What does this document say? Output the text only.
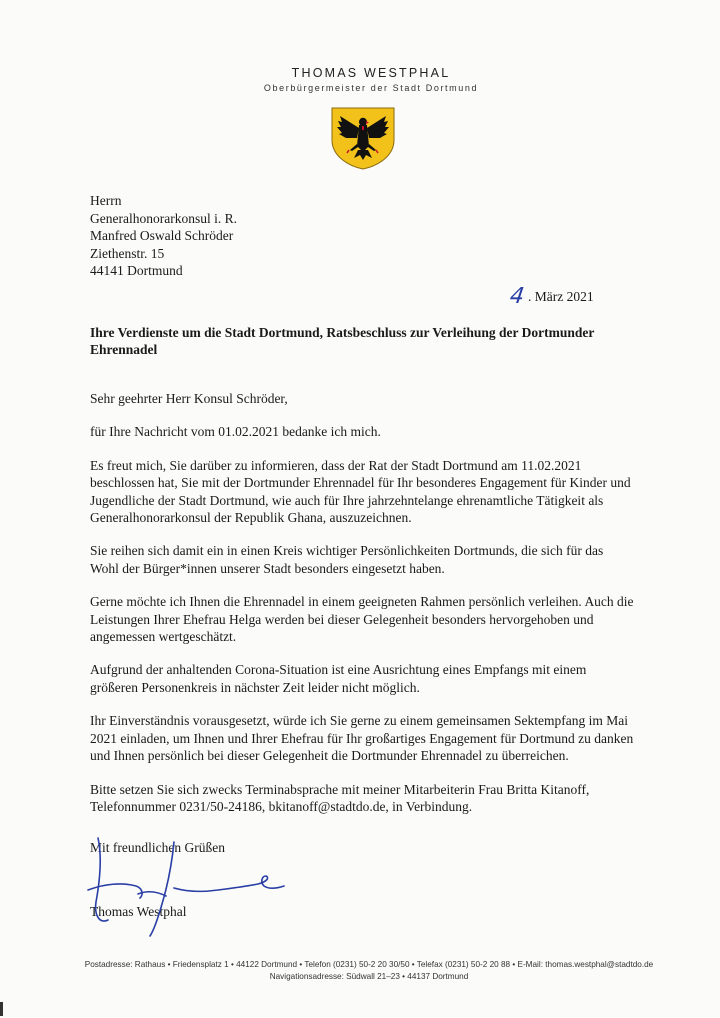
THOMAS WESTPHAL
Oberbürgermeister der Stadt Dortmund
Herrn
Generalhonorarkonsul i. R.
Manfred Oswald Schröder
Ziethenstr. 15
44141 Dortmund
4 . März 2021
Ihre Verdienste um die Stadt Dortmund, Ratsbeschluss zur Verleihung der Dortmunder Ehrennadel

Sehr geehrter Herr Konsul Schröder,

für Ihre Nachricht vom 01.02.2021 bedanke ich mich.

Es freut mich, Sie darüber zu informieren, dass der Rat der Stadt Dortmund am 11.02.2021 beschlossen hat, Sie mit der Dortmunder Ehrennadel für Ihr besonderes Engagement für Kinder und Jugendliche der Stadt Dortmund, wie auch für Ihre jahrzehntelange ehrenamtliche Tätigkeit als Generalhonorarkonsul der Republik Ghana, auszuzeichnen.

Sie reihen sich damit ein in einen Kreis wichtiger Persönlichkeiten Dortmunds, die sich für das Wohl der Bürger*innen unserer Stadt besonders eingesetzt haben.

Gerne möchte ich Ihnen die Ehrennadel in einem geeigneten Rahmen persönlich verleihen. Auch die Leistungen Ihrer Ehefrau Helga werden bei dieser Gelegenheit besonders hervorgehoben und angemessen wertgeschätzt.

Aufgrund der anhaltenden Corona-Situation ist eine Ausrichtung eines Empfangs mit einem größeren Personenkreis in nächster Zeit leider nicht möglich.

Ihr Einverständnis vorausgesetzt, würde ich Sie gerne zu einem gemeinsamen Sektempfang im Mai 2021 einladen, um Ihnen und Ihrer Ehefrau für Ihr großartiges Engagement für Dortmund zu danken und Ihnen persönlich bei dieser Gelegenheit die Dortmunder Ehrennadel zu überreichen.

Bitte setzen Sie sich zwecks Terminabsprache mit meiner Mitarbeiterin Frau Britta Kitanoff, Telefonnummer 0231/50-24186, bkitanoff@stadtdo.de, in Verbindung.

Mit freundlichen Grüßen
Thomas Westphal
Postadresse: Rathaus • Friedensplatz 1 • 44122 Dortmund • Telefon (0231) 50-2 20 30/50 • Telefax (0231) 50-2 20 88 • E-Mail: thomas.westphal@stadtdo.de
Navigationsadresse: Südwall 21–23 • 44137 Dortmund
